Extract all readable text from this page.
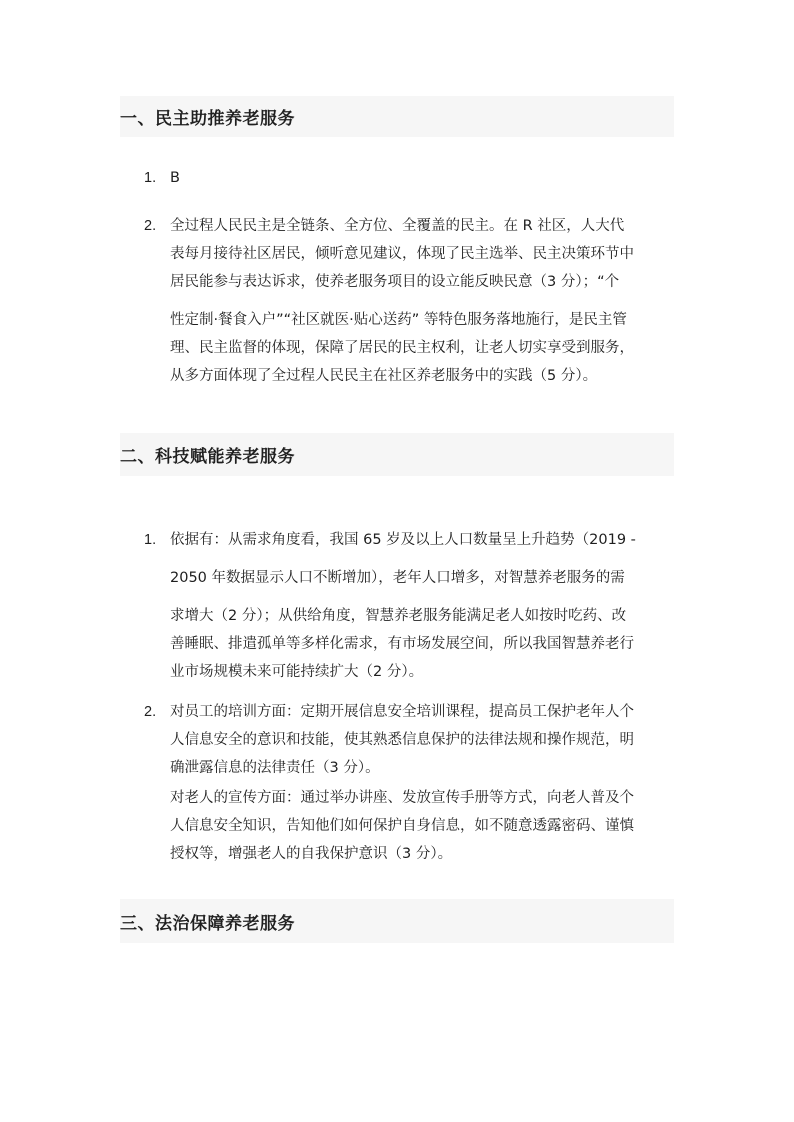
一、民主助推养老服务
1. B
2. 全过程人民民主是全链条、全方位、全覆盖的民主。在 R 社区，人大代
表每月接待社区居民，倾听意见建议，体现了民主选举、民主决策环节中
居民能参与表达诉求，使养老服务项目的设立能反映民意（3 分）；“个
性定制·餐食入户”“社区就医·贴心送药” 等特色服务落地施行，是民主管
理、民主监督的体现，保障了居民的民主权利，让老人切实享受到服务，
从多方面体现了全过程人民民主在社区养老服务中的实践（5 分）。
二、科技赋能养老服务
1. 依据有：从需求角度看，我国 65 岁及以上人口数量呈上升趋势（2019 -
2050 年数据显示人口不断增加），老年人口增多，对智慧养老服务的需
求增大（2 分）；从供给角度，智慧养老服务能满足老人如按时吃药、改
善睡眠、排遣孤单等多样化需求，有市场发展空间，所以我国智慧养老行
业市场规模未来可能持续扩大（2 分）。
2. 对员工的培训方面：定期开展信息安全培训课程，提高员工保护老年人个
人信息安全的意识和技能，使其熟悉信息保护的法律法规和操作规范，明
确泄露信息的法律责任（3 分）。
对老人的宣传方面：通过举办讲座、发放宣传手册等方式，向老人普及个
人信息安全知识，告知他们如何保护自身信息，如不随意透露密码、谨慎
授权等，增强老人的自我保护意识（3 分）。
三、法治保障养老服务
